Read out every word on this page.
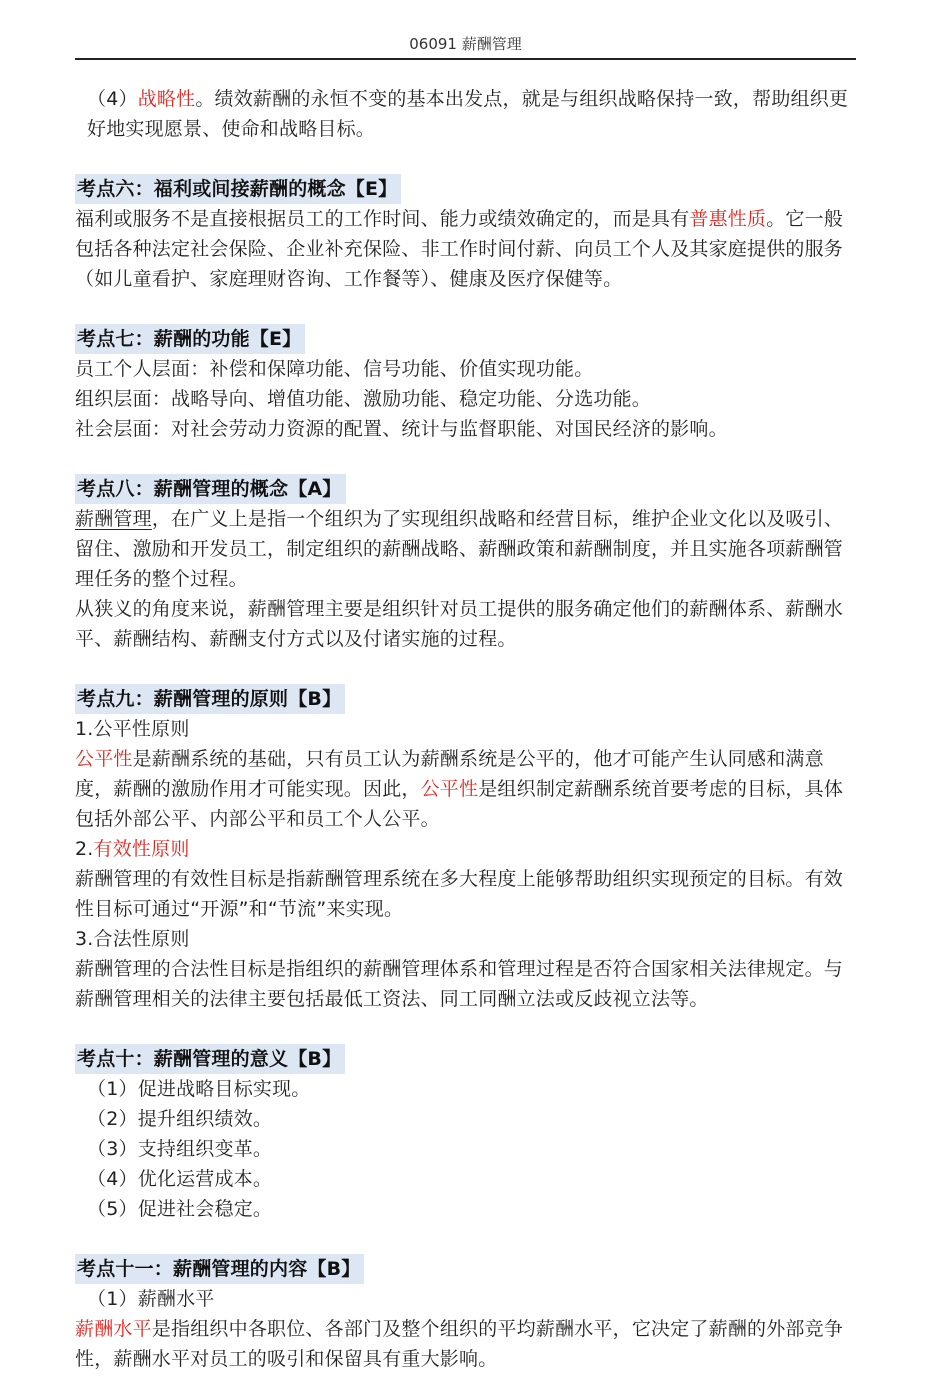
06091 薪酬管理

（4）战略性。绩效薪酬的永恒不变的基本出发点，就是与组织战略保持一致，帮助组织更好地实现愿景、使命和战略目标。

考点六：福利或间接薪酬的概念【E】

福利或服务不是直接根据员工的工作时间、能力或绩效确定的，而是具有普惠性质。它一般包括各种法定社会保险、企业补充保险、非工作时间付薪、向员工个人及其家庭提供的服务（如儿童看护、家庭理财咨询、工作餐等）、健康及医疗保健等。

考点七：薪酬的功能【E】

员工个人层面：补偿和保障功能、信号功能、价值实现功能。

组织层面：战略导向、增值功能、激励功能、稳定功能、分选功能。

社会层面：对社会劳动力资源的配置、统计与监督职能、对国民经济的影响。

考点八：薪酬管理的概念【A】

薪酬管理，在广义上是指一个组织为了实现组织战略和经营目标，维护企业文化以及吸引、留住、激励和开发员工，制定组织的薪酬战略、薪酬政策和薪酬制度，并且实施各项薪酬管理任务的整个过程。

从狭义的角度来说，薪酬管理主要是组织针对员工提供的服务确定他们的薪酬体系、薪酬水平、薪酬结构、薪酬支付方式以及付诸实施的过程。

考点九：薪酬管理的原则【B】

1.公平性原则

公平性是薪酬系统的基础，只有员工认为薪酬系统是公平的，他才可能产生认同感和满意度，薪酬的激励作用才可能实现。因此，公平性是组织制定薪酬系统首要考虑的目标，具体包括外部公平、内部公平和员工个人公平。

2.有效性原则

薪酬管理的有效性目标是指薪酬管理系统在多大程度上能够帮助组织实现预定的目标。有效性目标可通过“开源”和“节流”来实现。

3.合法性原则

薪酬管理的合法性目标是指组织的薪酬管理体系和管理过程是否符合国家相关法律规定。与薪酬管理相关的法律主要包括最低工资法、同工同酬立法或反歧视立法等。

考点十：薪酬管理的意义【B】

（1）促进战略目标实现。

（2）提升组织绩效。

（3）支持组织变革。

（4）优化运营成本。

（5）促进社会稳定。

考点十一：薪酬管理的内容【B】

（1）薪酬水平

薪酬水平是指组织中各职位、各部门及整个组织的平均薪酬水平，它决定了薪酬的外部竞争性，薪酬水平对员工的吸引和保留具有重大影响。
